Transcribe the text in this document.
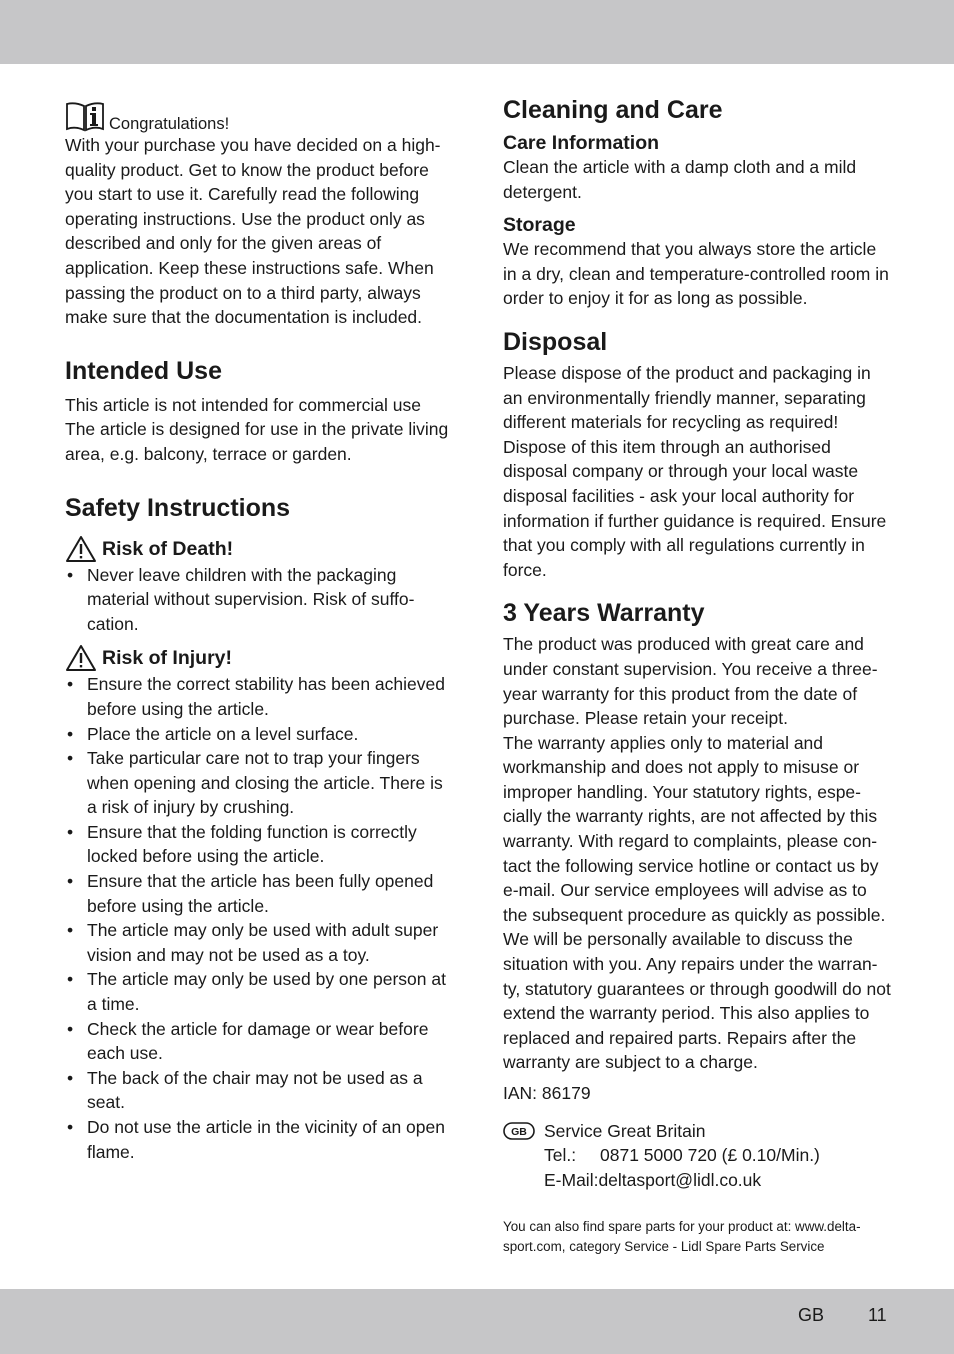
Congratulations!

With your purchase you have decided on a high-quality product. Get to know the product before you start to use it. Carefully read the following operating instructions. Use the product only as described and only for the given areas of application. Keep these instructions safe. When passing the product on to a third party, always make sure that the documentation is included.

Intended Use

This article is not intended for commercial use The article is designed for use in the private living area, e.g. balcony, terrace or garden.

Safety Instructions
Risk of Death!
• Never leave children with the packaging material without supervision. Risk of suffo- cation.
Risk of Injury!
• Ensure the correct stability has been achieved before using the article.
• Place the article on a level surface.
• Take particular care not to trap your fingers when opening and closing the article. There is a risk of injury by crushing.
• Ensure that the folding function is correctly locked before using the article.
• Ensure that the article has been fully opened before using the article.
• The article may only be used with adult super vision and may not be used as a toy.
• The article may only be used by one person at a time.
• Check the article for damage or wear before each use.
• The back of the chair may not be used as a seat.
• Do not use the article in the vicinity of an open flame.
Cleaning and Care
Care Information

Clean the article with a damp cloth and a mild detergent.

Storage

We recommend that you always store the article in a dry, clean and temperature-controlled room in order to enjoy it for as long as possible.

Disposal

Please dispose of the product and packaging in an environmentally friendly manner, separating different materials for recycling as required! Dispose of this item through an authorised disposal company or through your local waste disposal facilities - ask your local authority for information if further guidance is required. Ensure that you comply with all regulations currently in force.

3 Years Warranty

The product was produced with great care and under constant supervision. You receive a three-year warranty for this product from the date of purchase. Please retain your receipt.

The warranty applies only to material and workmanship and does not apply to misuse or improper handling. Your statutory rights, espe-cially the warranty rights, are not affected by this warranty. With regard to complaints, please con-tact the following service hotline or contact us by e-mail. Our service employees will advise as to the subsequent procedure as quickly as possible. We will be personally available to discuss the situation with you. Any repairs under the warran-ty, statutory guarantees or through goodwill do not extend the warranty period. This also applies to replaced and repaired parts. Repairs after the warranty are subject to a charge.

IAN: 86179

GB Service Great Britain

Tel.: 0871 5000 720 (£ 0.10/Min.)

E-Mail:deltasport@lidl.co.uk

You can also find spare parts for your product at: www.delta-sport.com, category Service - Lidl Spare Parts Service

GB 11
